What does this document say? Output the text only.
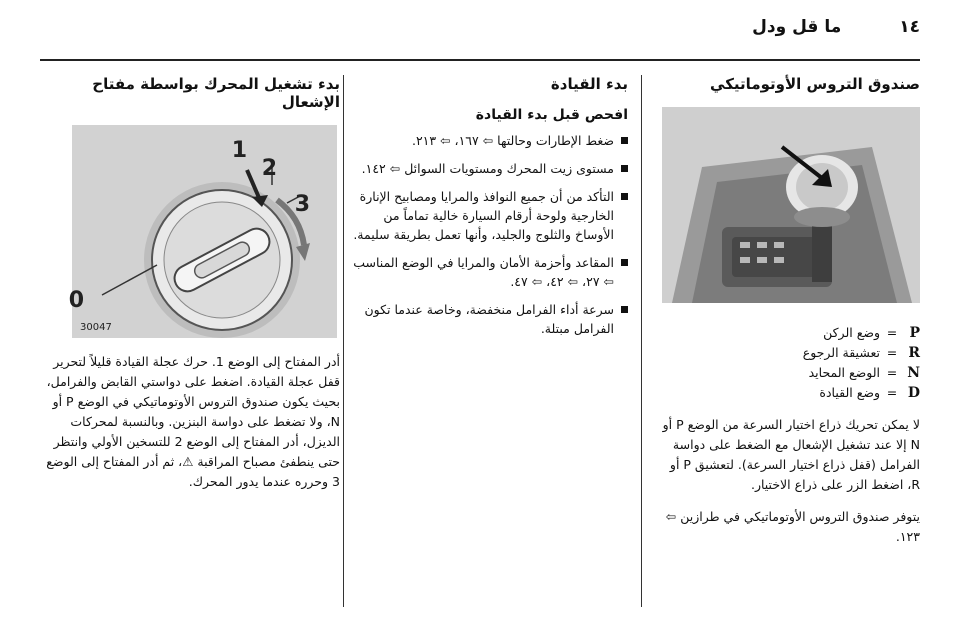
١٤
ما قل ودل
صندوق التروس الأوتوماتيكي
P
=
وضع الركن
R
=
تعشيقة الرجوع
N
=
الوضع المحايد
D
=
وضع القيادة

لا يمكن تحريك ذراع اختيار السرعة من الوضع P أو N إلا عند تشغيل الإشعال مع الضغط على دواسة الفرامل (قفل ذراع اختيار السرعة). لتعشيق P أو R، اضغط الزر على ذراع الاختيار.

يتوفر صندوق التروس الأوتوماتيكي في طرازين ⇦ ١٢٣.

بدء القيادة
افحص قبل بدء القيادة
ضغط الإطارات وحالتها ⇦ ١٦٧، ⇦ ٢١٣.
مستوى زيت المحرك ومستويات السوائل ⇦ ١٤٢.
التأكد من أن جميع النوافذ والمرايا ومصابيح الإنارة الخارجية ولوحة أرقام السيارة خالية تماماً من الأوساخ والثلوج والجليد، وأنها تعمل بطريقة سليمة.
المقاعد وأحزمة الأمان والمرايا في الوضع المناسب ⇦ ٢٧، ⇦ ٤٢، ⇦ ٤٧.
سرعة أداء الفرامل منخفضة، وخاصة عندما تكون الفرامل مبتلة.
بدء تشغيل المحرك بواسطة مفتاح الإشعال
1
2
3
0
30047

أدر المفتاح إلى الوضع 1. حرك عجلة القيادة قليلاً لتحرير قفل عجلة القيادة. اضغط على دواستي القابض والفرامل، بحيث يكون صندوق التروس الأوتوماتيكي في الوضع P أو N، ولا تضغط على دواسة البنزين. وبالنسبة لمحركات الديزل، أدر المفتاح إلى الوضع 2 للتسخين الأولي وانتظر حتى ينطفئ مصباح المراقبة ⚠، ثم أدر المفتاح إلى الوضع 3 وحرره عندما يدور المحرك.
